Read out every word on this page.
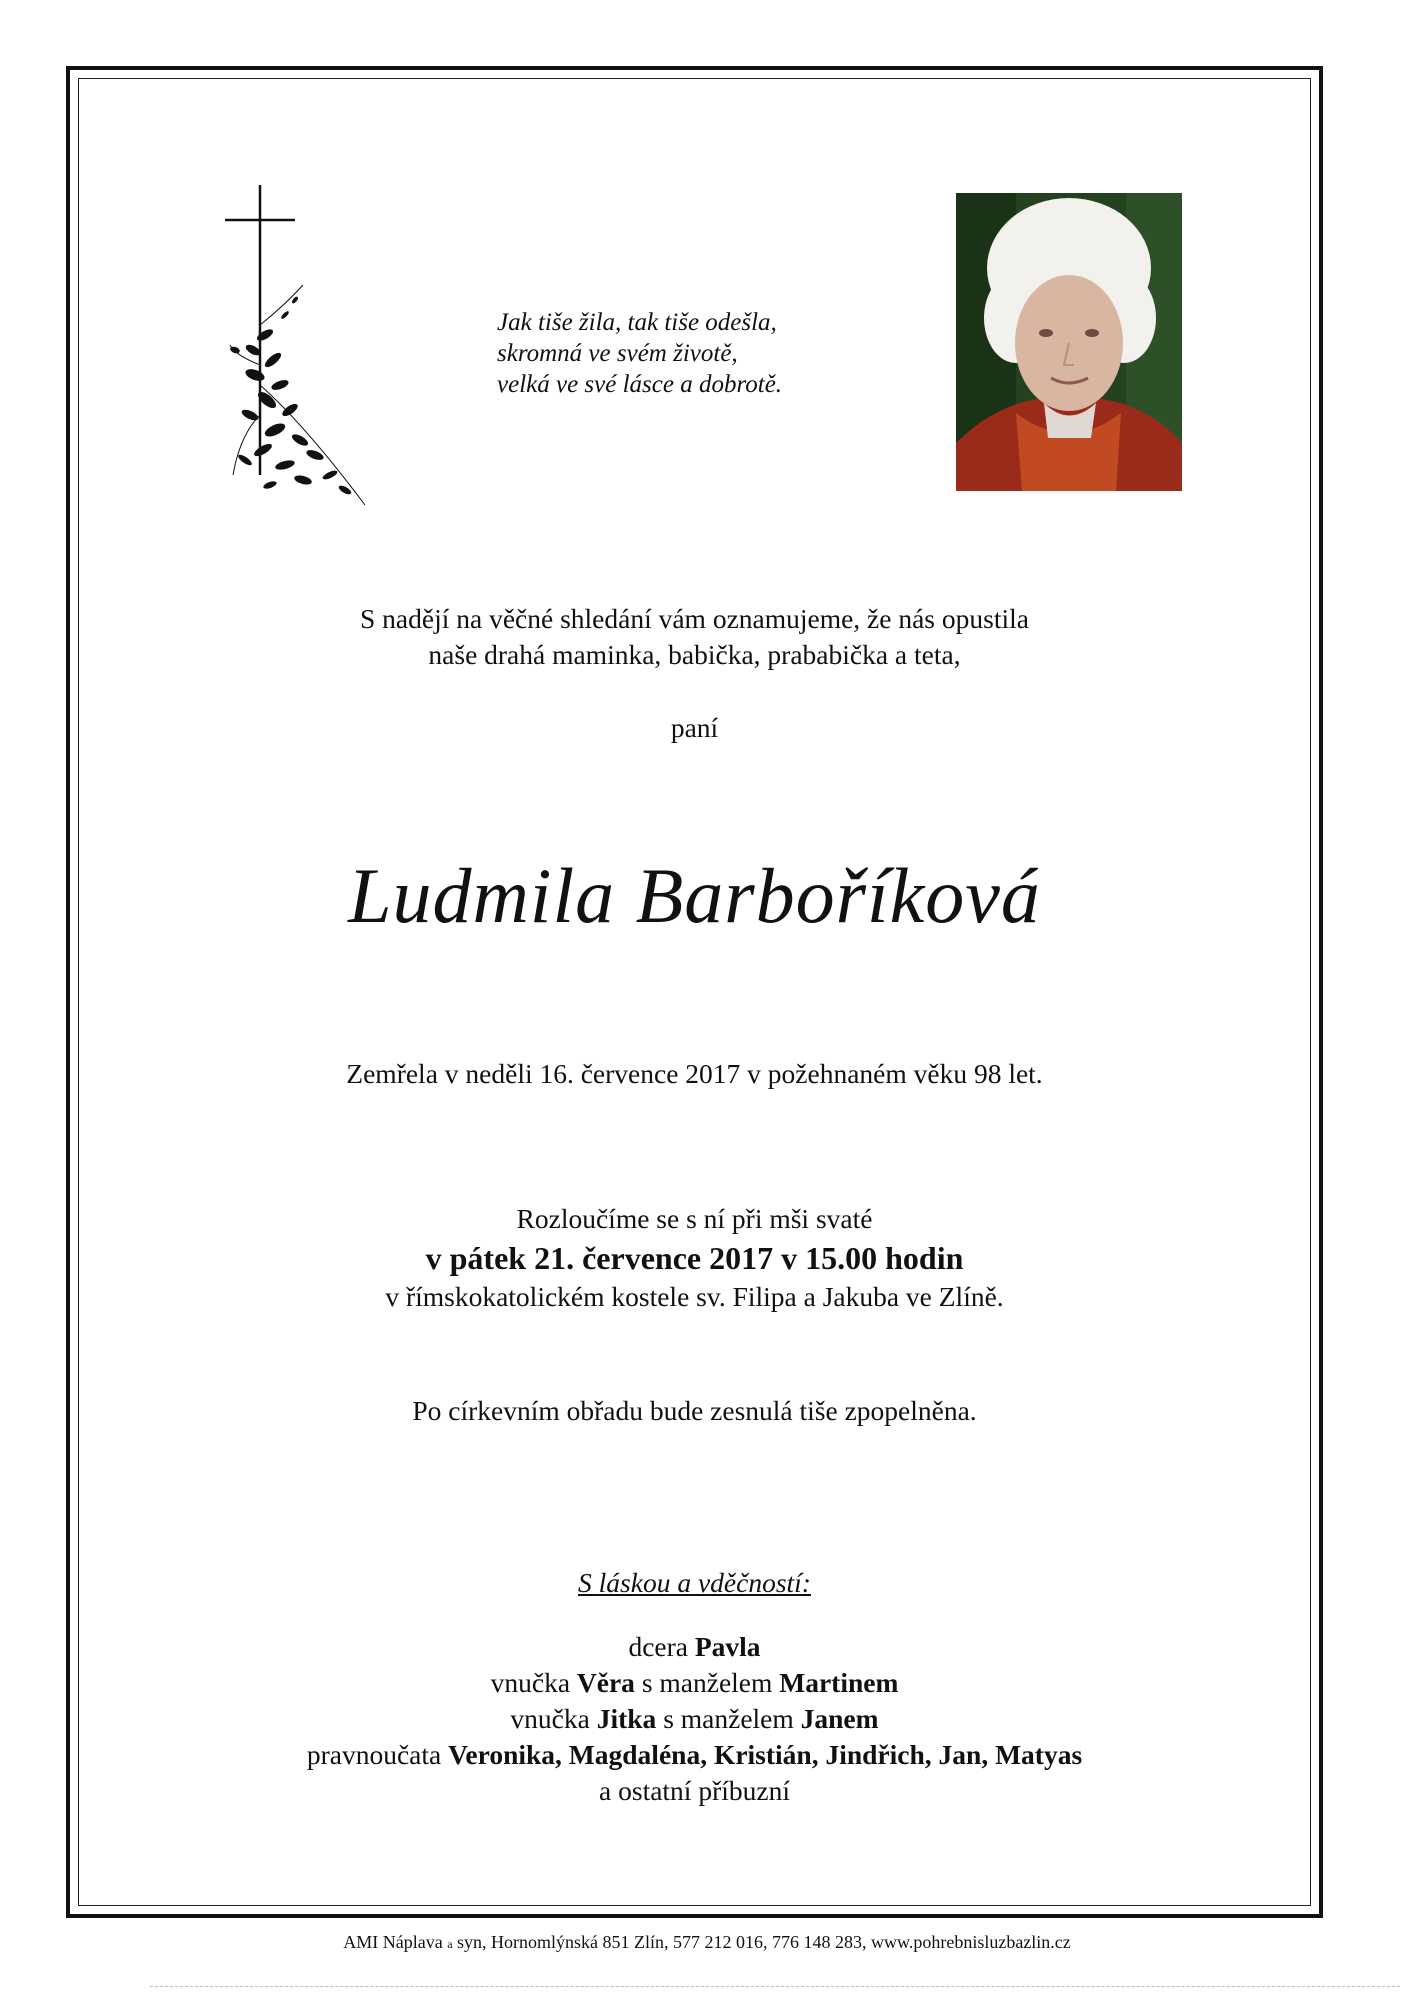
Jak tiše žila, tak tiše odešla,
skromná ve svém životě,
velká ve své lásce a dobrotě.
S nadějí na věčné shledání vám oznamujeme, že nás opustila
naše drahá maminka, babička, prababička a teta,
paní
Ludmila Barboříková
Zemřela v neděli 16. července 2017 v požehnaném věku 98 let.
Rozloučíme se s ní při mši svaté
v pátek 21. července 2017 v 15.00 hodin
v římskokatolickém kostele sv. Filipa a Jakuba ve Zlíně.
Po církevním obřadu bude zesnulá tiše zpopelněna.
S láskou a vděčností:
dcera Pavla
vnučka Věra s manželem Martinem
vnučka Jitka s manželem Janem
pravnoučata Veronika, Magdaléna, Kristián, Jindřich, Jan, Matyas
a ostatní příbuzní
AMI Náplava a syn, Hornomlýnská 851 Zlín, 577 212 016, 776 148 283, www.pohrebnisluzbazlin.cz
